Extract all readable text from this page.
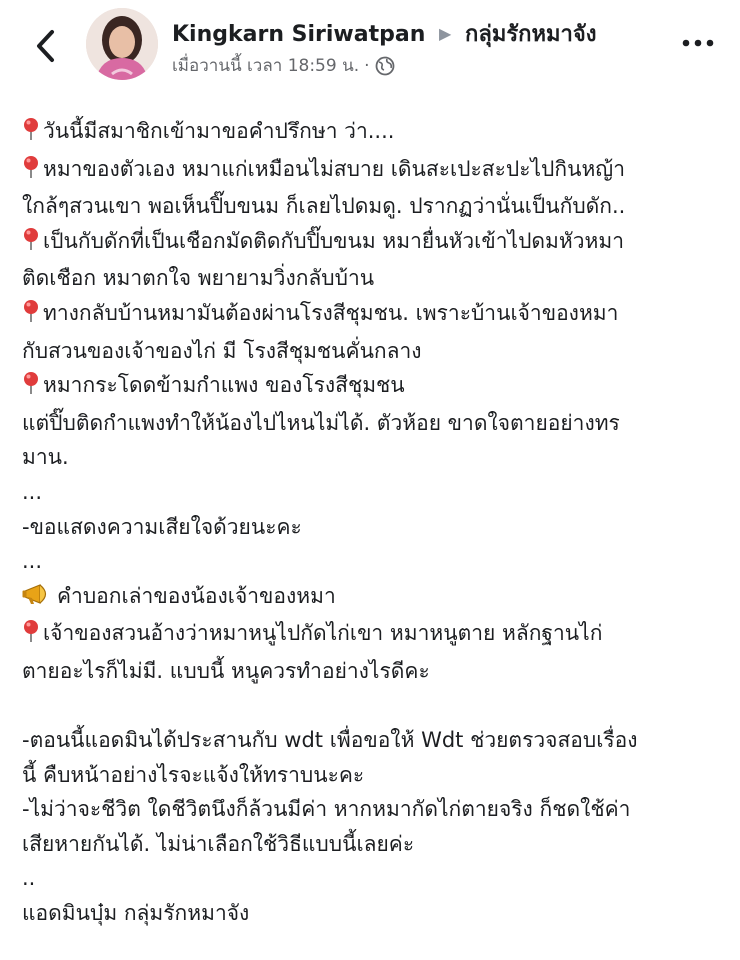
Kingkarn Siriwatpan ▶ กลุ่มรักหมาจัง
เมื่อวานนี้ เวลา 18:59 น. ·

วันนี้มีสมาชิกเข้ามาขอคำปรึกษา ว่า....

หมาของตัวเอง หมาแก่เหมือนไม่สบาย เดินสะเปะสะปะไปกินหญ้า

ใกล้ๆสวนเขา พอเห็นปิ๊บขนม ก็เลยไปดมดู. ปรากฏว่านั่นเป็นกับดัก..

เป็นกับดักที่เป็นเชือกมัดติดกับปิ๊บขนม หมายื่นหัวเข้าไปดมหัวหมา

ติดเชือก หมาตกใจ พยายามวิ่งกลับบ้าน

ทางกลับบ้านหมามันต้องผ่านโรงสีชุมชน. เพราะบ้านเจ้าของหมา

กับสวนของเจ้าของไก่ มี โรงสีชุมชนคั่นกลาง

หมากระโดดข้ามกำแพง ของโรงสีชุมชน

แต่ปิ๊บติดกำแพงทำให้น้องไปไหนไม่ได้. ตัวห้อย ขาดใจตายอย่างทร

มาน.

...

-ขอแสดงความเสียใจด้วยนะคะ

...

คำบอกเล่าของน้องเจ้าของหมา

เจ้าของสวนอ้างว่าหมาหนูไปกัดไก่เขา หมาหนูตาย หลักฐานไก่

ตายอะไรก็ไม่มี. แบบนี้ หนูควรทำอย่างไรดีคะ

-ตอนนี้แอดมินได้ประสานกับ wdt เพื่อขอให้ Wdt ช่วยตรวจสอบเรื่อง

นี้ คืบหน้าอย่างไรจะแจ้งให้ทราบนะคะ

-ไม่ว่าจะชีวิต ใดชีวิตนึงก็ล้วนมีค่า หากหมากัดไก่ตายจริง ก็ชดใช้ค่า

เสียหายกันได้. ไม่น่าเลือกใช้วิธีแบบนี้เลยค่ะ

..

แอดมินบุ๋ม กลุ่มรักหมาจัง
